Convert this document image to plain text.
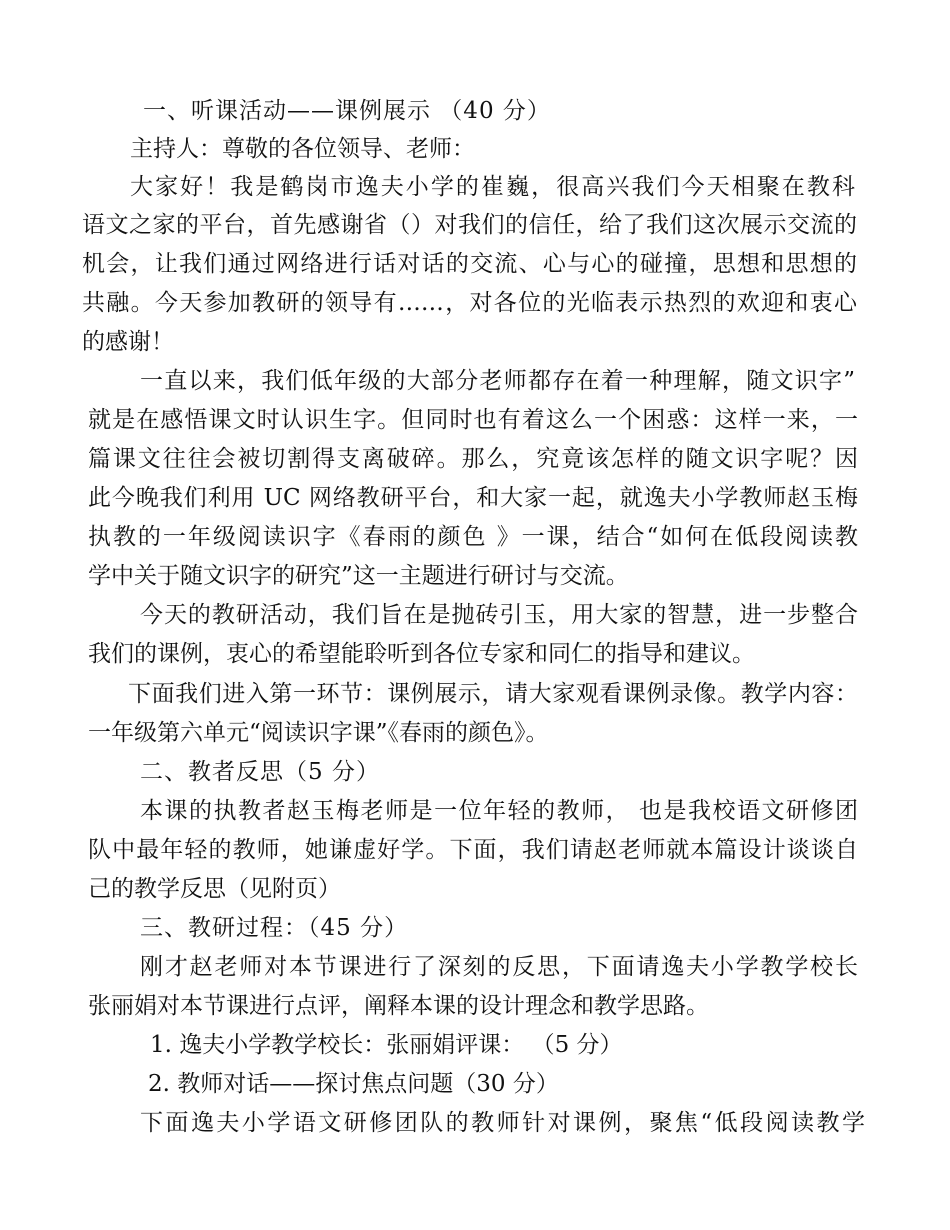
一、听课活动——课例展示 （40 分）
主持人：尊敬的各位领导、老师：
大家好！我是鹤岗市逸夫小学的崔巍，很高兴我们今天相聚在教科
语文之家的平台，首先感谢省（）对我们的信任，给了我们这次展示交流的
机会，让我们通过网络进行话对话的交流、心与心的碰撞，思想和思想的
共融。今天参加教研的领导有……，对各位的光临表示热烈的欢迎和衷心
的感谢！
一直以来，我们低年级的大部分老师都存在着一种理解，随文识字”
就是在感悟课文时认识生字。但同时也有着这么一个困惑：这样一来，一
篇课文往往会被切割得支离破碎。那么，究竟该怎样的随文识字呢？因
此今晚我们利用 UC 网络教研平台，和大家一起，就逸夫小学教师赵玉梅
执教的一年级阅读识字《春雨的颜色 》一课，结合“如何在低段阅读教
学中关于随文识字的研究”这一主题进行研讨与交流。
今天的教研活动，我们旨在是抛砖引玉，用大家的智慧，进一步整合
我们的课例，衷心的希望能聆听到各位专家和同仁的指导和建议。
下面我们进入第一环节：课例展示，请大家观看课例录像。教学内容：
一年级第六单元“阅读识字课”《春雨的颜色》。
二、教者反思（5 分）
本课的执教者赵玉梅老师是一位年轻的教师， 也是我校语文研修团
队中最年轻的教师，她谦虚好学。下面，我们请赵老师就本篇设计谈谈自
己的教学反思（见附页）
三、教研过程：（45 分）
刚才赵老师对本节课进行了深刻的反思，下面请逸夫小学教学校长
张丽娟对本节课进行点评，阐释本课的设计理念和教学思路。
1. 逸夫小学教学校长：张丽娟评课： （5 分）
2. 教师对话——探讨焦点问题（30 分）
下面逸夫小学语文研修团队的教师针对课例，聚焦“低段阅读教学
